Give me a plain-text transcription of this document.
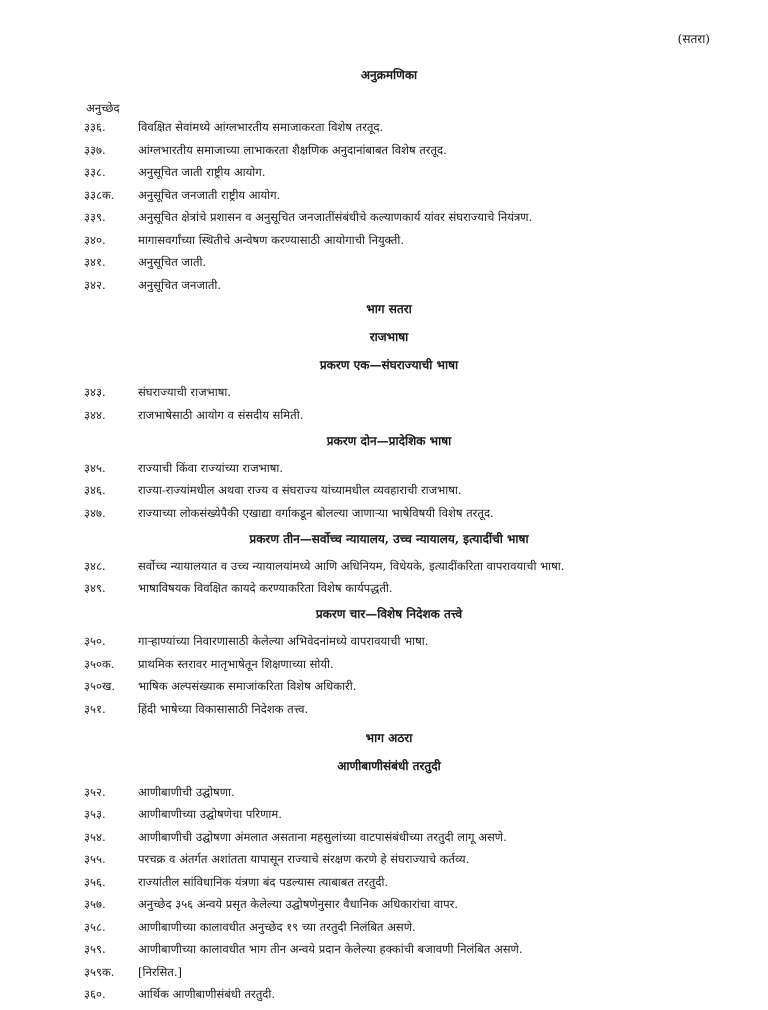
(सतरा)
अनुक्रमणिका
अनुच्छेद
३३६.	विवक्षित सेवांमध्ये आंग्लभारतीय समाजाकरता विशेष तरतूद.
३३७.	आंग्लभारतीय समाजाच्या लाभाकरता शैक्षणिक अनुदानांबाबत विशेष तरतूद.
३३८.	अनुसूचित जाती राष्ट्रीय आयोग.
३३८क.	अनुसूचित जनजाती राष्ट्रीय आयोग.
३३९.	अनुसूचित क्षेत्रांचे प्रशासन व अनुसूचित जनजातींसंबंधीचे कल्याणकार्य यांवर संघराज्याचे नियंत्रण.
३४०.	मागासवर्गांच्या स्थितीचे अन्वेषण करण्यासाठी आयोगाची नियुक्ती.
३४१.	अनुसूचित जाती.
३४२.	अनुसूचित जनजाती.
भाग सतरा
राजभाषा
प्रकरण एक—संघराज्याची भाषा
३४३.	संघराज्याची राजभाषा.
३४४.	राजभाषेसाठी आयोग व संसदीय समिती.
प्रकरण दोन—प्रादेशिक भाषा
३४५.	राज्याची किंवा राज्यांच्या राजभाषा.
३४६.	राज्या-राज्यांमधील अथवा राज्य व संघराज्य यांच्यामधील व्यवहाराची राजभाषा.
३४७.	राज्याच्या लोकसंख्येपैकी एखाद्या वर्गाकडून बोलल्या जाणाऱ्या भाषेविषयी विशेष तरतूद.
प्रकरण तीन—सर्वोच्च न्यायालय, उच्च न्यायालय, इत्यादींची भाषा
३४८.	सर्वोच्च न्यायालयात व उच्च न्यायालयांमध्ये आणि अधिनियम, विधेयके, इत्यादींकरिता वापरावयाची भाषा.
३४९.	भाषाविषयक विवक्षित कायदे करण्याकरिता विशेष कार्यपद्धती.
प्रकरण चार—विशेष निदेशक तत्त्वे
३५०.	गाऱ्हाण्यांच्या निवारणासाठी केलेल्या अभिवेदनांमध्ये वापरावयाची भाषा.
३५०क.	प्राथमिक स्तरावर मातृभाषेतून शिक्षणाच्या सोयी.
३५०ख.	भाषिक अल्पसंख्याक समाजांकरिता विशेष अधिकारी.
३५१.	हिंदी भाषेच्या विकासासाठी निदेशक तत्त्व.
भाग अठरा
आणीबाणीसंबंधी तरतुदी
३५२.	आणीबाणीची उद्घोषणा.
३५३.	आणीबाणीच्या उद्घोषणेचा परिणाम.
३५४.	आणीबाणीची उद्घोषणा अंमलात असताना महसुलांच्या वाटपासंबंधीच्या तरतुदी लागू असणे.
३५५.	परचक्र व अंतर्गत अशांतता यापासून राज्याचे संरक्षण करणे हे संघराज्याचे कर्तव्य.
३५६.	राज्यांतील सांविधानिक यंत्रणा बंद पडल्यास त्याबाबत तरतुदी.
३५७.	अनुच्छेद ३५६ अन्वये प्रसृत केलेल्या उद्घोषणेनुसार वैधानिक अधिकारांचा वापर.
३५८.	आणीबाणीच्या कालावधीत अनुच्छेद १९ च्या तरतुदी निलंबित असणे.
३५९.	आणीबाणीच्या कालावधीत भाग तीन अन्वये प्रदान केलेल्या हक्कांची बजावणी निलंबित असणे.
३५९क.	[निरसित.]
३६०.	आर्थिक आणीबाणीसंबंधी तरतुदी.
